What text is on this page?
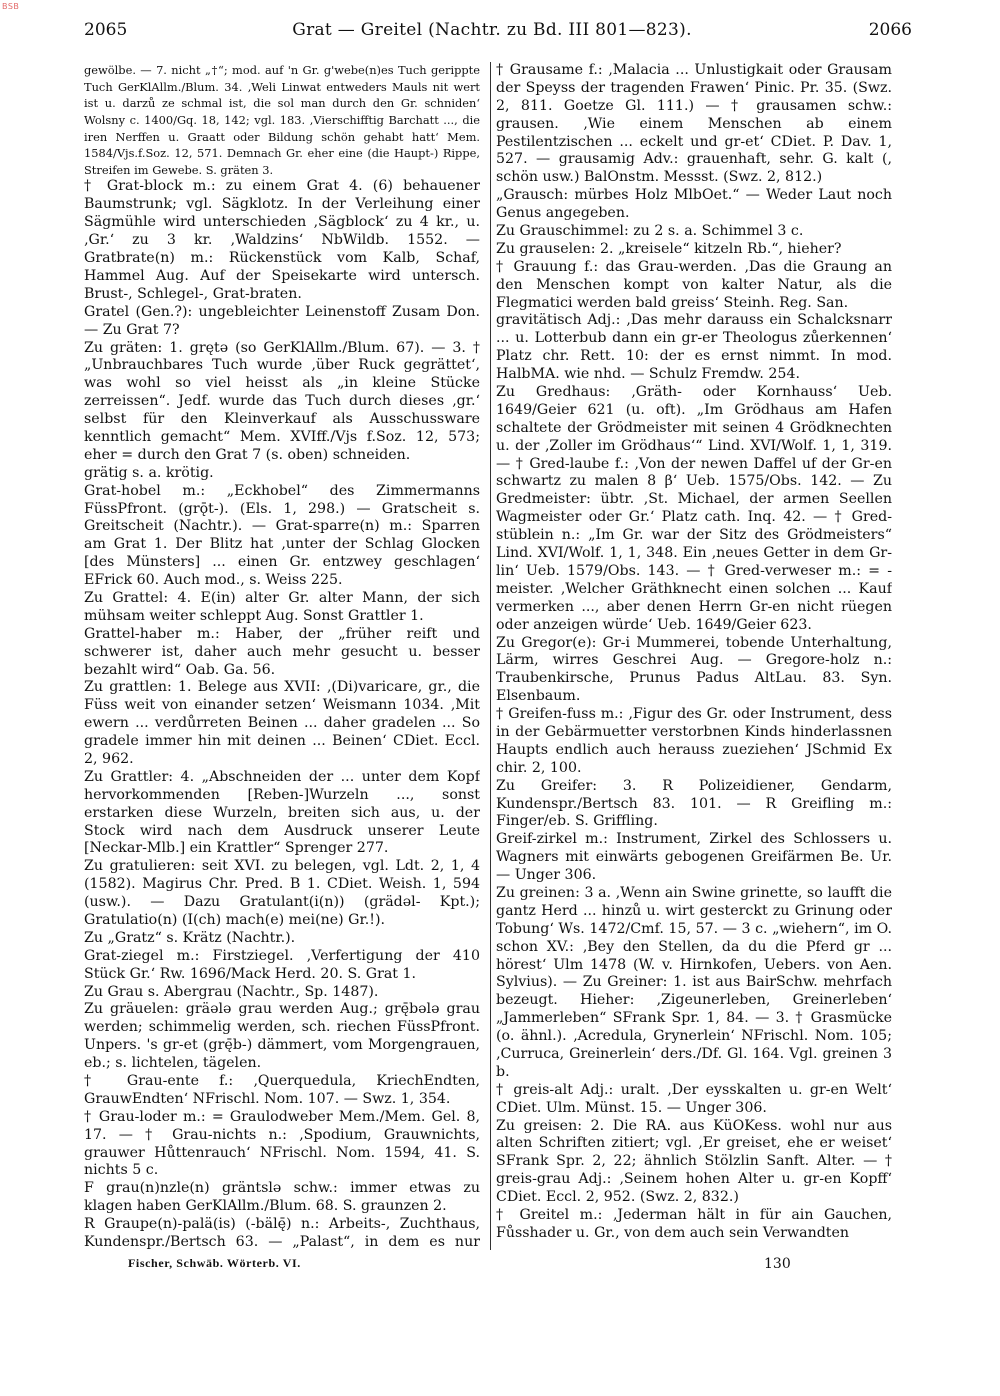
BSB
2065	Grat — Greitel (Nachtr. zu Bd. III 801—823).	2066

gewölbe. — 7. nicht „†“; mod. auf 'n Gr. g'webe(n)es Tuch gerippte Tuch GerKlAllm./Blum. 34. ‚Weli Linwat entweders Mauls nit wert ist u. darzů ze schmal ist, die sol man durch den Gr. schniden‘ Wolsny c. 1400/Gq. 18, 142; vgl. 183. ‚Vierschifftig Barchatt ..., die iren Nerffen u. Graatt oder Bildung schön gehabt hatt‘ Mem. 1584/Vjs.f.Soz. 12, 571. Demnach Gr. eher eine (die Haupt-) Rippe, Streifen im Gewebe. S. gräten 3.

† Grat-block m.: zu einem Grat 4. (6) behauener Baumstrunk; vgl. Sägklotz. In der Verleihung einer Sägmühle wird unterschieden ‚Sägblock‘ zu 4 kr., u. ‚Gr.‘ zu 3 kr. ‚Waldzins‘ NbWildb. 1552. — Gratbrate(n) m.: Rückenstück vom Kalb, Schaf, Hammel Aug. Auf der Speisekarte wird untersch. Brust-, Schlegel-, Grat-braten.

Gratel (Gen.?): ungebleichter Leinenstoff Zusam Don. — Zu Grat 7?

Zu gräten: 1. grętə (so GerKlAllm./Blum. 67). — 3. † „Unbrauchbares Tuch wurde ‚über Ruck gegrättet‘, was wohl so viel heisst als „in kleine Stücke zerreissen“. Jedf. wurde das Tuch durch dieses ‚gr.‘ selbst für den Kleinverkauf als Ausschussware kenntlich gemacht“ Mem. XVIff./Vjs f.Soz. 12, 573; eher = durch den Grat 7 (s. oben) schneiden.

grätig s. a. krötig.

Grat-hobel m.: „Eckhobel“ des Zimmermanns FüssPfront. (grǭt-). (Els. 1, 298.) — Gratscheit s. Greitscheit (Nachtr.). — Grat-sparre(n) m.: Sparren am Grat 1. Der Blitz hat ‚unter der Schlag Glocken [des Münsters] ... einen Gr. entzwey geschlagen‘ EFrick 60. Auch mod., s. Weiss 225.

Zu Grattel: 4. E(in) alter Gr. alter Mann, der sich mühsam weiter schleppt Aug. Sonst Grattler 1.

Grattel-haber m.: Haber, der „früher reift und schwerer ist, daher auch mehr gesucht u. besser bezahlt wird“ Oab. Ga. 56.

Zu grattlen: 1. Belege aus XVII: ‚(Di)varicare, gr., die Füss weit von einander setzen‘ Weismann 1034. ‚Mit ewern ... verdůrreten Beinen ... daher gradelen ... So gradele immer hin mit deinen ... Beinen‘ CDiet. Eccl. 2, 962.

Zu Grattler: 4. „Abschneiden der ... unter dem Kopf hervorkommenden [Reben-]Wurzeln ..., sonst erstarken diese Wurzeln, breiten sich aus, u. der Stock wird nach dem Ausdruck unserer Leute [Neckar-Mlb.] ein Krattler“ Sprenger 277.

Zu gratulieren: seit XVI. zu belegen, vgl. Ldt. 2, 1, 4 (1582). Magirus Chr. Pred. B 1. CDiet. Weish. 1, 594 (usw.). — Dazu Gratulant(i(n)) (grädəl- Kpt.); Gratulatio(n) (I(ch) mach(e) mei(ne) Gr.!).

Zu „Gratz“ s. Krätz (Nachtr.).

Grat-ziegel m.: Firstziegel. ‚Verfertigung der 410 Stück Gr.‘ Rw. 1696/Mack Herd. 20. S. Grat 1.

Zu Grau s. Abergrau (Nachtr., Sp. 1487).

Zu gräuelen: gräələ grau werden Aug.; grę̄bələ grau werden; schimmelig werden, sch. riechen FüssPfront. Unpers. 's gr-et (grę̄b-) dämmert, vom Morgengrauen, eb.; s. lichtelen, tägelen.

† Grau-ente f.: ‚Querquedula, KriechEndten, GrauwEndten‘ NFrischl. Nom. 107. — Swz. 1, 354.

† Grau-loder m.: = Graulodweber Mem./Mem. Gel. 8, 17. — † Grau-nichts n.: ‚Spodium, Grauwnichts, grauwer Hůttenrauch‘ NFrischl. Nom. 1594, 41. S. nichts 5 c.

F grau(n)nzle(n) gräntslə schw.: immer etwas zu klagen haben GerKlAllm./Blum. 68. S. graunzen 2.

R Graupe(n)-palä(is) (-bälę̄) n.: Arbeits-, Zuchthaus, Kundenspr./Bertsch 63. — „Palast“, in dem es nur

† Grausame f.: ‚Malacia ... Unlustigkait oder Grausam der Speyss der tragenden Frawen‘ Pinic. Pr. 35. (Swz. 2, 811. Goetze Gl. 111.) — † grausamen schw.: grausen. ‚Wie einem Menschen ab einem Pestilentzischen ... eckelt und gr-et‘ CDiet. P. Dav. 1, 527. — grausamig Adv.: grauenhaft, sehr. G. kalt (, schön usw.) BalOnstm. Messst. (Swz. 2, 812.)

„Grausch: mürbes Holz MlbOet.“ — Weder Laut noch Genus angegeben.

Zu Grauschimmel: zu 2 s. a. Schimmel 3 c.

Zu grauselen: 2. „kreisele“ kitzeln Rb.“, hieher?

† Grauung f.: das Grau-werden. ‚Das die Graung an den Menschen kompt von kalter Natur, als die Flegmatici werden bald greiss‘ Steinh. Reg. San.

gravitätisch Adj.: ‚Das mehr darauss ein Schalcksnarr ... u. Lotterbub dann ein gr-er Theologus zůerkennen‘ Platz chr. Rett. 10: der es ernst nimmt. In mod. HalbMA. wie nhd. — Schulz Fremdw. 254.

Zu Gredhaus: ‚Gräth- oder Kornhauss‘ Ueb. 1649/Geier 621 (u. oft). „Im Grödhaus am Hafen schaltete der Grödmeister mit seinen 4 Grödknechten u. der ‚Zoller im Grödhaus‘“ Lind. XVI/Wolf. 1, 1, 319. — † Gred-laube f.: ‚Von der newen Daffel uf der Gr-en schwartz zu malen 8 β‘ Ueb. 1575/Obs. 142. — Zu Gredmeister: übtr. ‚St. Michael, der armen Seellen Wagmeister oder Gr.‘ Platz cath. Inq. 42. — † Gred-stüblein n.: „Im Gr. war der Sitz des Grödmeisters“ Lind. XVI/Wolf. 1, 1, 348. Ein ‚neues Getter in dem Gr-lin‘ Ueb. 1579/Obs. 143. — † Gred-verweser m.: = -meister. ‚Welcher Gräthknecht einen solchen ... Kauf vermerken ..., aber denen Herrn Gr-en nicht rüegen oder anzeigen würde‘ Ueb. 1649/Geier 623.

Zu Gregor(e): Gr-i Mummerei, tobende Unterhaltung, Lärm, wirres Geschrei Aug. — Gregore-holz n.: Traubenkirsche, Prunus Padus AltLau. 83. Syn. Elsenbaum.

† Greifen-fuss m.: ‚Figur des Gr. oder Instrument, dess in der Gebärmuetter verstorbnen Kinds hinderlassnen Haupts endlich auch herauss zueziehen‘ JSchmid Ex chir. 2, 100.

Zu Greifer: 3. R Polizeidiener, Gendarm, Kundenspr./Bertsch 83. 101. — R Greifling m.: Finger/eb. S. Griffling.

Greif-zirkel m.: Instrument, Zirkel des Schlossers u. Wagners mit einwärts gebogenen Greifärmen Be. Ur. — Unger 306.

Zu greinen: 3 a. ‚Wenn ain Swine grinette, so laufft die gantz Herd ... hinzů u. wirt gesterckt zu Grinung oder Tobung‘ Ws. 1472/Cmf. 15, 57. — 3 c. „wiehern“, im O. schon XV.: ‚Bey den Stellen, da du die Pferd gr ... hörest‘ Ulm 1478 (W. v. Hirnkofen, Uebers. von Aen. Sylvius). — Zu Greiner: 1. ist aus BairSchw. mehrfach bezeugt. Hieher: ‚Zigeunerleben, Greinerleben‘ „Jammerleben“ SFrank Spr. 1, 84. — 3. † Grasmücke (o. ähnl.). ‚Acredula, Grynerlein‘ NFrischl. Nom. 105; ‚Curruca, Greinerlein‘ ders./Df. Gl. 164. Vgl. greinen 3 b.

† greis-alt Adj.: uralt. ‚Der eysskalten u. gr-en Welt‘ CDiet. Ulm. Münst. 15. — Unger 306.

Zu greisen: 2. Die RA. aus KüOKess. wohl nur aus alten Schriften zitiert; vgl. ‚Er greiset, ehe er weiset‘ SFrank Spr. 2, 22; ähnlich Stölzlin Sanft. Alter. — † greis-grau Adj.: ‚Seinem hohen Alter u. gr-en Kopff‘ CDiet. Eccl. 2, 952. (Swz. 2, 832.)

† Greitel m.: ‚Jederman hält in für ain Gauchen, Fůsshader u. Gr., von dem auch sein Verwandten

Fischer, Schwäb. Wörterb. VI.	130
